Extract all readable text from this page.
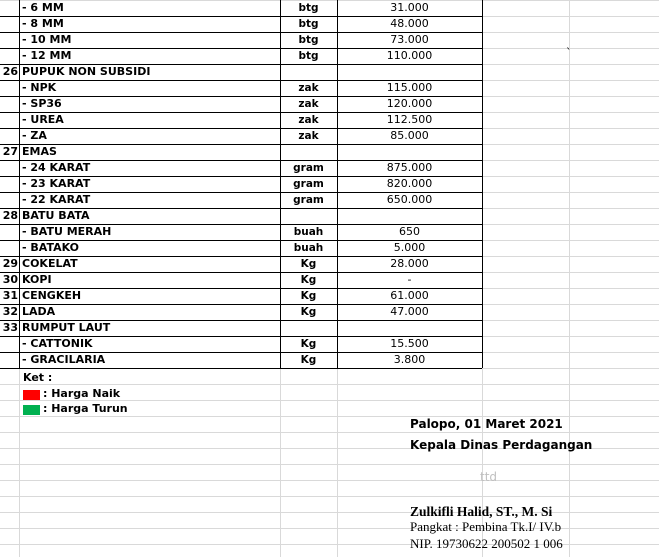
- 6 MM	btg	31.000
- 8 MM	btg	48.000
- 10 MM	btg	73.000
- 12 MM	btg	110.000
26 PUPUK NON SUBSIDI
- NPK	zak	115.000
- SP36	zak	120.000
- UREA	zak	112.500
- ZA	zak	85.000
27 EMAS
- 24 KARAT	gram	875.000
- 23 KARAT	gram	820.000
- 22 KARAT	gram	650.000
28 BATU BATA
- BATU MERAH	buah	650
- BATAKO	buah	5.000
29 COKELAT	Kg	28.000
30 KOPI	Kg	-
31 CENGKEH	Kg	61.000
32 LADA	Kg	47.000
33 RUMPUT LAUT
- CATTONIK	Kg	15.500
- GRACILARIA	Kg	3.800
`
Ket :
: Harga Naik
: Harga Turun
Palopo, 01 Maret 2021
Kepala Dinas Perdagangan
ttd
Zulkifli Halid, ST., M. Si
Pangkat : Pembina Tk.I/ IV.b
NIP. 19730622 200502 1 006
